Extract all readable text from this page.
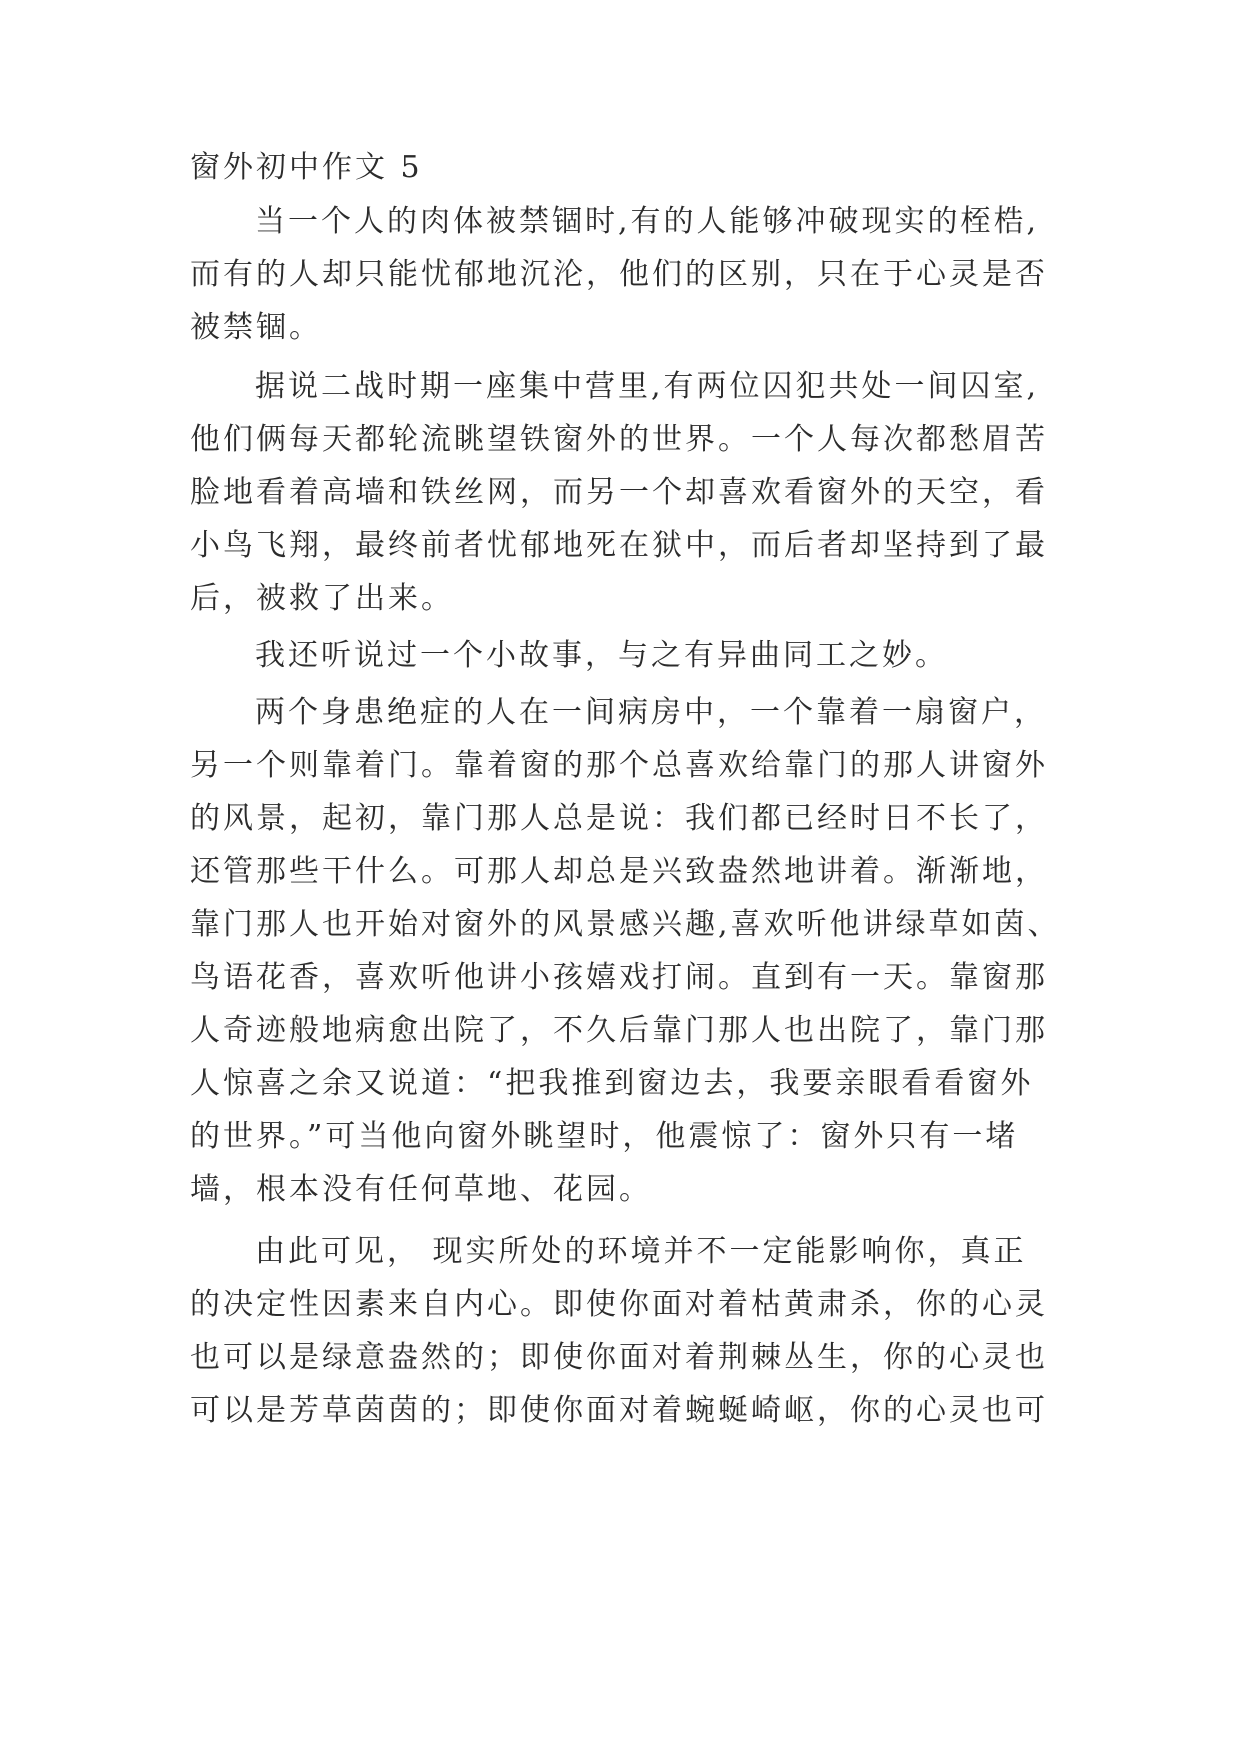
窗外初中作文 5
当一个人的肉体被禁锢时,有的人能够冲破现实的桎梏,
而有的人却只能忧郁地沉沦，他们的区别，只在于心灵是否
被禁锢。
据说二战时期一座集中营里,有两位囚犯共处一间囚室,
他们俩每天都轮流眺望铁窗外的世界。一个人每次都愁眉苦
脸地看着高墙和铁丝网，而另一个却喜欢看窗外的天空，看
小鸟飞翔，最终前者忧郁地死在狱中，而后者却坚持到了最
后，被救了出来。
我还听说过一个小故事，与之有异曲同工之妙。
两个身患绝症的人在一间病房中，一个靠着一扇窗户，
另一个则靠着门。靠着窗的那个总喜欢给靠门的那人讲窗外
的风景，起初，靠门那人总是说：我们都已经时日不长了，
还管那些干什么。可那人却总是兴致盎然地讲着。渐渐地，
靠门那人也开始对窗外的风景感兴趣,喜欢听他讲绿草如茵、
鸟语花香，喜欢听他讲小孩嬉戏打闹。直到有一天。靠窗那
人奇迹般地病愈出院了，不久后靠门那人也出院了，靠门那
人惊喜之余又说道：“把我推到窗边去，我要亲眼看看窗外
的世界。”可当他向窗外眺望时，他震惊了：窗外只有一堵
墙，根本没有任何草地、花园。
由此可见， 现实所处的环境并不一定能影响你，真正
的决定性因素来自内心。即使你面对着枯黄肃杀，你的心灵
也可以是绿意盎然的；即使你面对着荆棘丛生，你的心灵也
可以是芳草茵茵的；即使你面对着蜿蜒崎岖，你的心灵也可
